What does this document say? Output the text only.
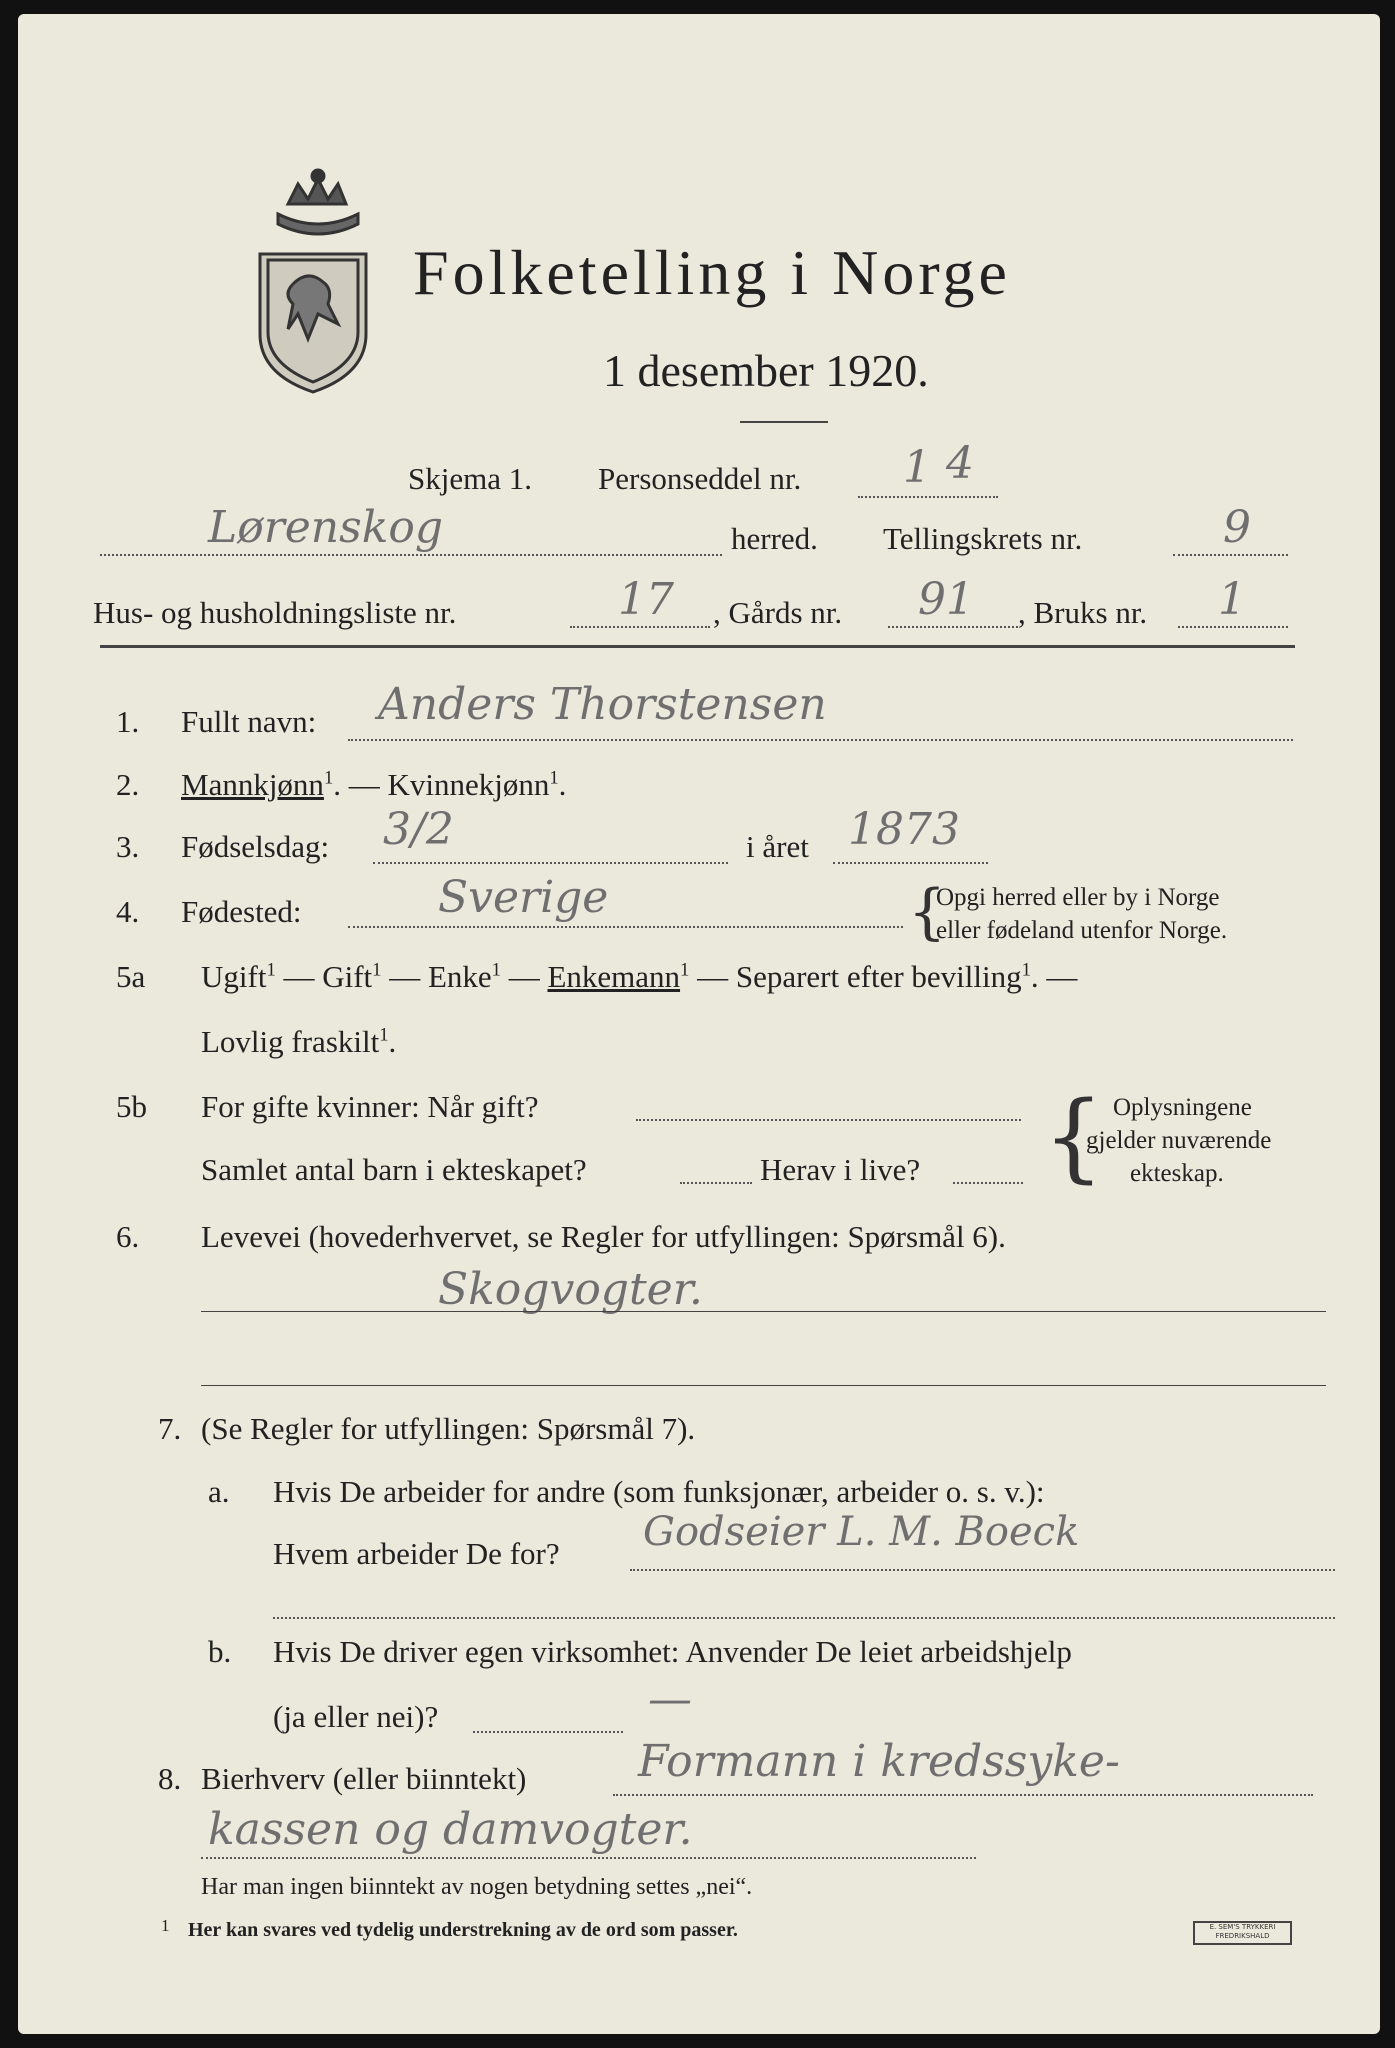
Folketelling i Norge
1 desember 1920.
Skjema 1. Personseddel nr. 1 4
Lørenskog	herred. Tellingskrets nr.	9
Hus- og husholdningsliste nr.	17 , Gårds nr. 91 , Bruks nr. 1
1. Fullt navn: Anders Thorstensen
2. Mannkjønn$^1$. — Kvinnekjønn$^1$.
3. Fødselsdag: 3/2	i året 1873
4. Fødested:	Sverige	{
Opgi herred eller by i Norge
eller fødeland utenfor Norge.
5a Ugift$^1$ — Gift$^1$ — Enke$^1$ — Enkemann$^1$ — Separert efter bevilling$^1$. —
Lovlig fraskilt$^1$.
5b For gifte kvinner: Når gift?
Samlet antal barn i ekteskapet?	Herav i live? { Oplysningene
gjelder nuværende
ekteskap.
6. Levevei (hovederhvervet, se Regler for utfyllingen: Spørsmål 6).
Skogvogter.
7. (Se Regler for utfyllingen: Spørsmål 7).
a. Hvis De arbeider for andre (som funksjonær, arbeider o. s. v.):
Hvem arbeider De for? Godseier L. M. Boeck
b. Hvis De driver egen virksomhet: Anvender De leiet arbeidshjelp
(ja eller nei)?	—
8. Bierhverv (eller biinntekt)	Formann i kredssyke-
kassen og damvogter.
Har man ingen biinntekt av nogen betydning settes „nei“.
1 Her kan svares ved tydelig understrekning av de ord som passer.	E. SEM'S TRYKKERI FREDRIKSHALD
